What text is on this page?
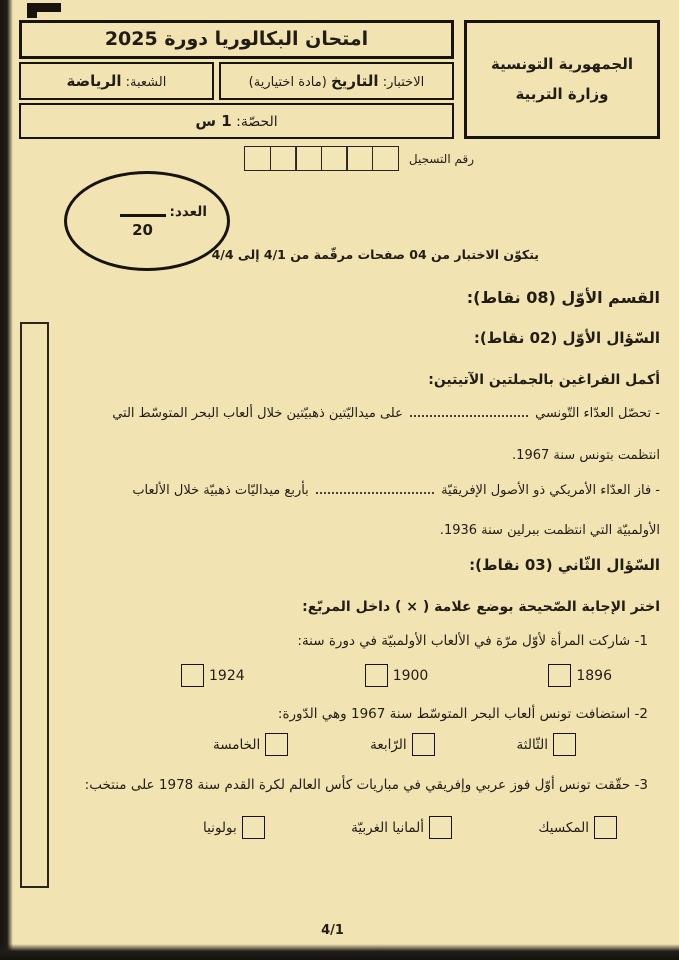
الجمهورية التونسية
وزارة التربية
امتحان البكالوريا دورة 2025
الاختبار: التاريخ (مادة اختيارية)
الشعبة: الرياضة
الحصّة: 1 س
رقم التسجيل
العدد:
20
يتكوّن الاختبار من 04 صفحات مرقّمة من 4/1 إلى 4/4
القسم الأوّل (08 نقاط):
السّؤال الأوّل (02 نقاط):
أكمل الفراغين بالجملتين الآتيتين:
- تحصّل العدّاء التّونسي  على ميداليّتين ذهبيّتين خلال ألعاب البحر المتوسّط التي
انتظمت بتونس سنة 1967.
- فاز العدّاء الأمريكي ذو الأصول الإفريقيّة  بأربع ميداليّات ذهبيّة خلال الألعاب
الأولمبيّة التي انتظمت ببرلين سنة 1936.
السّؤال الثّاني (03 نقاط):
اختر الإجابة الصّحيحة بوضع علامة ( × ) داخل المربّع:
1- شاركت المرأة لأوّل مرّة في الألعاب الأولمبيّة في دورة سنة:
1896
1900
1924
2- استضافت تونس ألعاب البحر المتوسّط سنة 1967 وهي الدّورة:
الثّالثة
الرّابعة
الخامسة
3- حقّقت تونس أوّل فوز عربي وإفريقي في مباريات كأس العالم لكرة القدم سنة 1978 على منتخب:
المكسيك
ألمانيا الغربيّة
بولونيا
4/1
